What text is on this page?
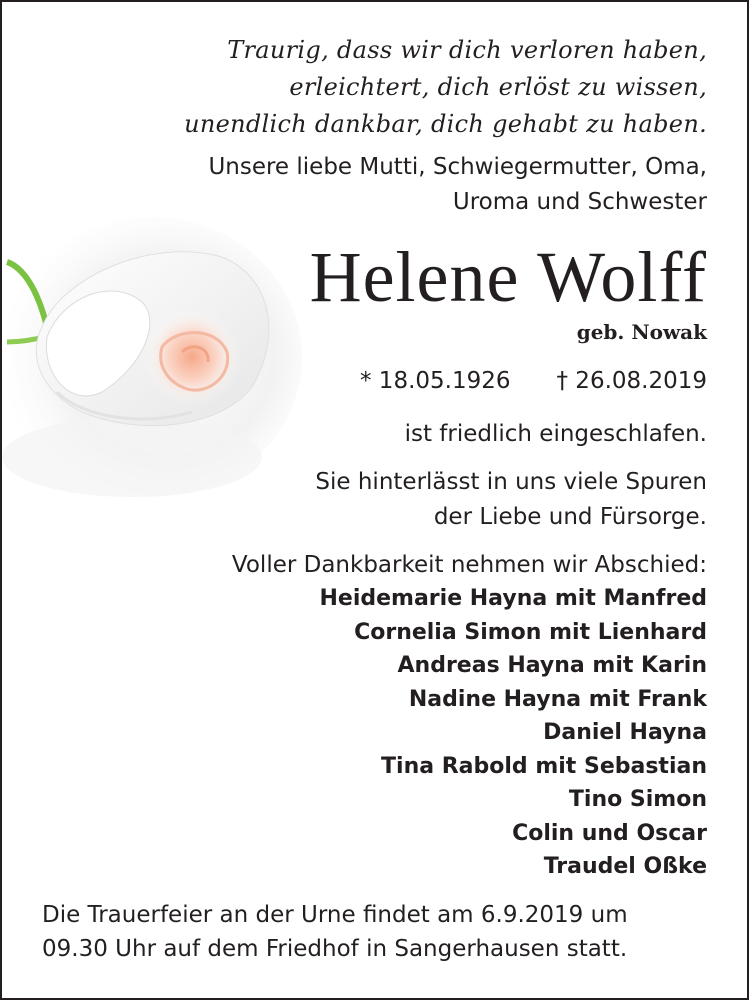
Traurig, dass wir dich verloren haben,
erleichtert, dich erlöst zu wissen,
unendlich dankbar, dich gehabt zu haben.
Unsere liebe Mutti, Schwiegermutter, Oma,
Uroma und Schwester
Helene Wolff
geb. Nowak
* 18.05.1926 † 26.08.2019
ist friedlich eingeschlafen.
Sie hinterlässt in uns viele Spuren
der Liebe und Fürsorge.
Voller Dankbarkeit nehmen wir Abschied:
Heidemarie Hayna mit Manfred
Cornelia Simon mit Lienhard
Andreas Hayna mit Karin
Nadine Hayna mit Frank
Daniel Hayna
Tina Rabold mit Sebastian
Tino Simon
Colin und Oscar
Traudel Oßke
Die Trauerfeier an der Urne findet am 6.9.2019 um
09.30 Uhr auf dem Friedhof in Sangerhausen statt.
